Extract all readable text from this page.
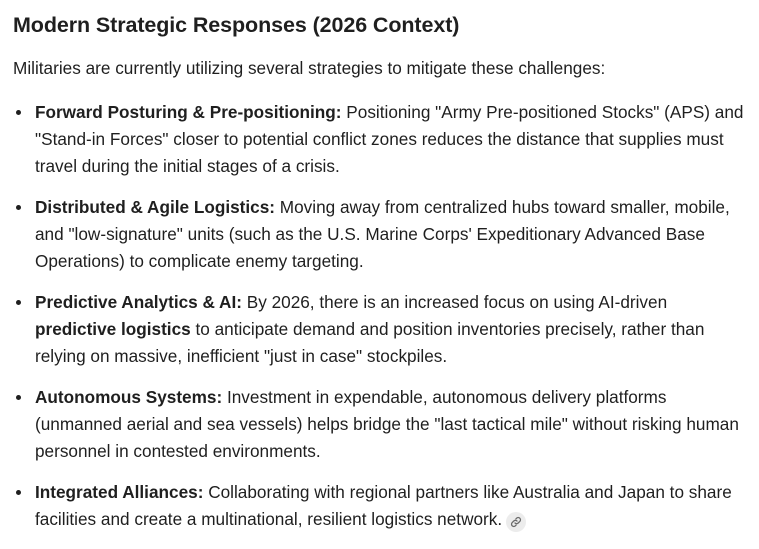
Modern Strategic Responses (2026 Context)

Militaries are currently utilizing several strategies to mitigate these challenges:

Forward Posturing & Pre-positioning: Positioning "Army Pre-positioned Stocks" (APS) and "Stand-in Forces" closer to potential conflict zones reduces the distance that supplies must travel during the initial stages of a crisis.
Distributed & Agile Logistics: Moving away from centralized hubs toward smaller, mobile, and "low-signature" units (such as the U.S. Marine Corps' Expeditionary Advanced Base Operations) to complicate enemy targeting.
Predictive Analytics & AI: By 2026, there is an increased focus on using AI-driven predictive logistics to anticipate demand and position inventories precisely, rather than relying on massive, inefficient "just in case" stockpiles.
Autonomous Systems: Investment in expendable, autonomous delivery platforms (unmanned aerial and sea vessels) helps bridge the "last tactical mile" without risking human personnel in contested environments.
Integrated Alliances: Collaborating with regional partners like Australia and Japan to share facilities and create a multinational, resilient logistics network.
